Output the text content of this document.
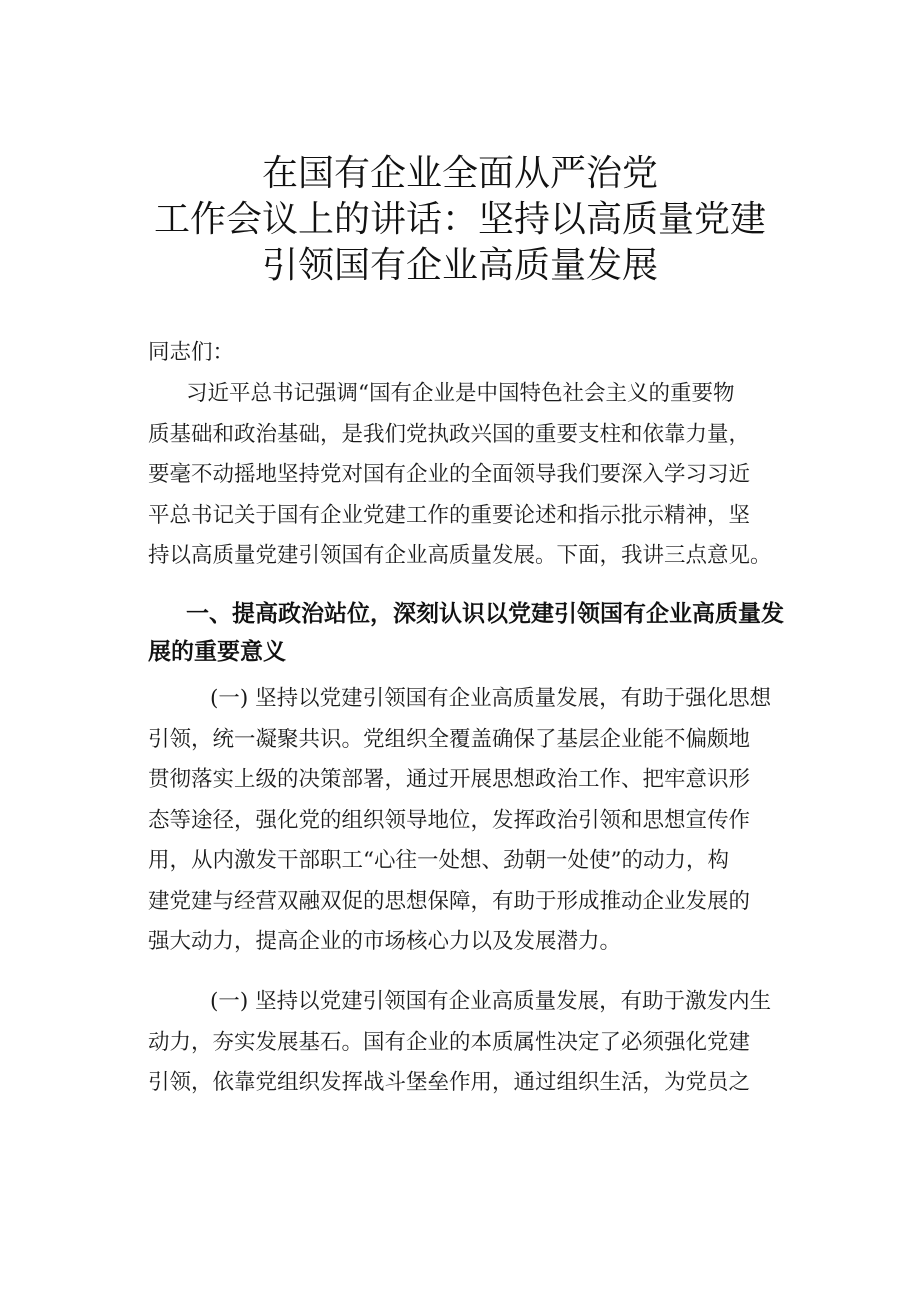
在国有企业全面从严治党
工作会议上的讲话：坚持以高质量党建
引领国有企业高质量发展
同志们：
习近平总书记强调“国有企业是中国特色社会主义的重要物
质基础和政治基础，是我们党执政兴国的重要支柱和依靠力量，
要毫不动摇地坚持党对国有企业的全面领导我们要深入学习习近
平总书记关于国有企业党建工作的重要论述和指示批示精神，坚
持以高质量党建引领国有企业高质量发展。下面，我讲三点意见。
一、提高政治站位，深刻认识以党建引领国有企业高质量发
展的重要意义
(一) 坚持以党建引领国有企业高质量发展，有助于强化思想
引领，统一凝聚共识。党组织全覆盖确保了基层企业能不偏颇地
贯彻落实上级的决策部署，通过开展思想政治工作、把牢意识形
态等途径，强化党的组织领导地位，发挥政治引领和思想宣传作
用，从内激发干部职工“心往一处想、劲朝一处使”的动力，构
建党建与经营双融双促的思想保障，有助于形成推动企业发展的
强大动力，提高企业的市场核心力以及发展潜力。
(一) 坚持以党建引领国有企业高质量发展，有助于激发内生
动力，夯实发展基石。国有企业的本质属性决定了必须强化党建
引领，依靠党组织发挥战斗堡垒作用，通过组织生活，为党员之
